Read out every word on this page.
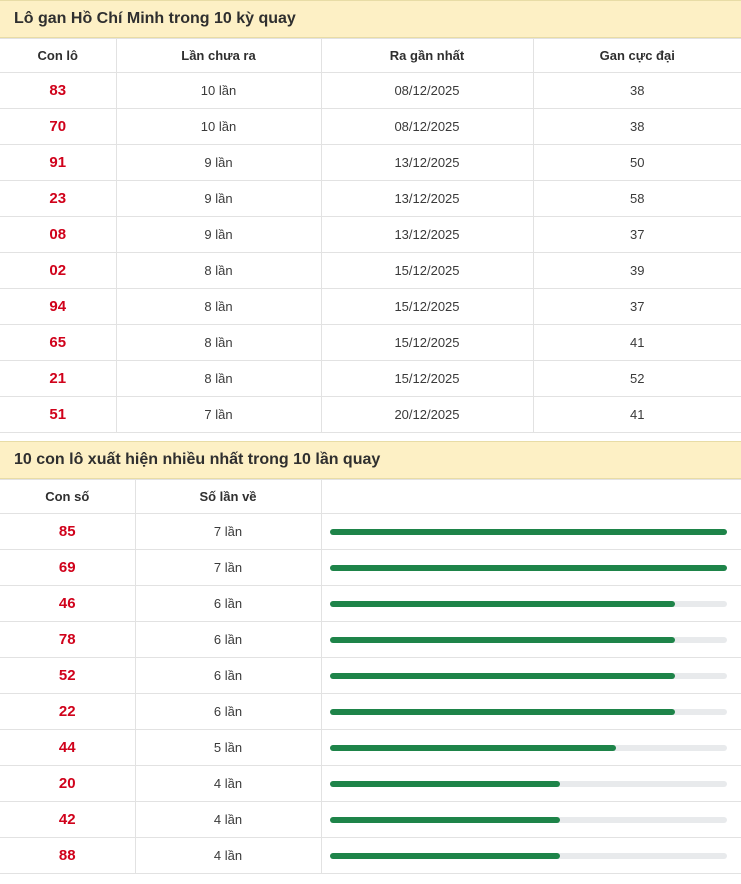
Lô gan Hồ Chí Minh trong 10 kỳ quay
Con lô	Lần chưa ra	Ra gần nhất	Gan cực đại
83	10 lần	08/12/2025	38
70	10 lần	08/12/2025	38
91	9 lần	13/12/2025	50
23	9 lần	13/12/2025	58
08	9 lần	13/12/2025	37
02	8 lần	15/12/2025	39
94	8 lần	15/12/2025	37
65	8 lần	15/12/2025	41
21	8 lần	15/12/2025	52
51	7 lần	20/12/2025	41
10 con lô xuất hiện nhiều nhất trong 10 lần quay
Con số	Số lần về	
85	7 lần	

69	7 lần	

46	6 lần	

78	6 lần	

52	6 lần	

22	6 lần	

44	5 lần	

20	4 lần	

42	4 lần	

88	4 lần	
